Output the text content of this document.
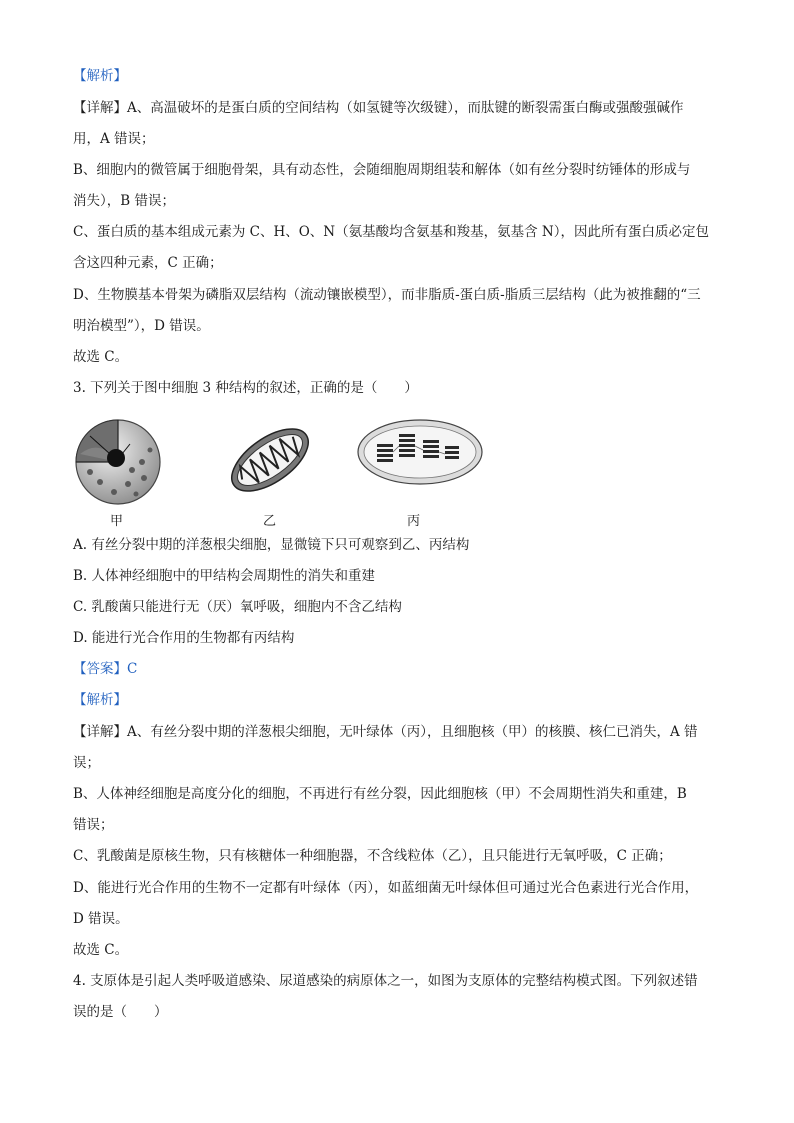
【解析】
【详解】A、高温破坏的是蛋白质的空间结构（如氢键等次级键），而肽键的断裂需蛋白酶或强酸强碱作
用，A 错误；
B、细胞内的微管属于细胞骨架，具有动态性，会随细胞周期组装和解体（如有丝分裂时纺锤体的形成与
消失），B 错误；
C、蛋白质的基本组成元素为 C、H、O、N（氨基酸均含氨基和羧基，氨基含 N），因此所有蛋白质必定包
含这四种元素，C 正确；
D、生物膜基本骨架为磷脂双层结构（流动镶嵌模型），而非脂质-蛋白质-脂质三层结构（此为被推翻的“三
明治模型”），D 错误。
故选 C。
3. 下列关于图中细胞 3 种结构的叙述，正确的是（　　）
甲	乙	丙
A. 有丝分裂中期的洋葱根尖细胞，显微镜下只可观察到乙、丙结构
B. 人体神经细胞中的甲结构会周期性的消失和重建
C. 乳酸菌只能进行无（厌）氧呼吸，细胞内不含乙结构
D. 能进行光合作用的生物都有丙结构
【答案】C
【解析】
【详解】A、有丝分裂中期的洋葱根尖细胞，无叶绿体（丙），且细胞核（甲）的核膜、核仁已消失，A 错
误；
B、人体神经细胞是高度分化的细胞，不再进行有丝分裂，因此细胞核（甲）不会周期性消失和重建，B
错误；
C、乳酸菌是原核生物，只有核糖体一种细胞器，不含线粒体（乙），且只能进行无氧呼吸，C 正确；
D、能进行光合作用的生物不一定都有叶绿体（丙），如蓝细菌无叶绿体但可通过光合色素进行光合作用，
D 错误。
故选 C。
4. 支原体是引起人类呼吸道感染、尿道感染的病原体之一，如图为支原体的完整结构模式图。下列叙述错
误的是（　　）
